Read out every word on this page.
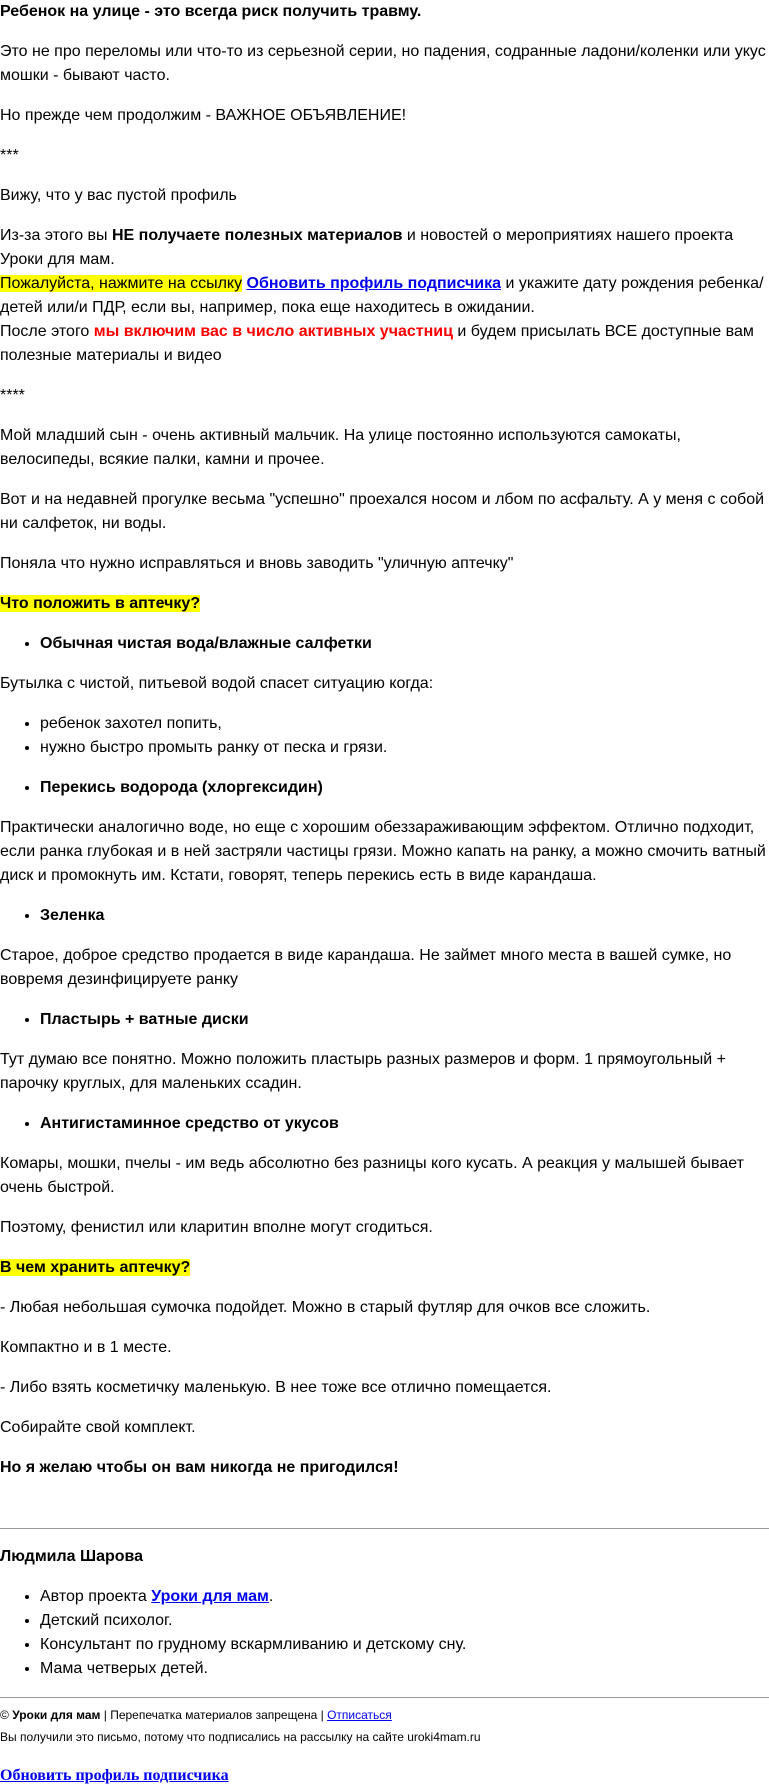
Ребенок на улице - это всегда риск получить травму.

Это не про переломы или что-то из серьезной серии, но падения, содранные ладони/коленки или укус мошки - бывают часто.

Но прежде чем продолжим - ВАЖНОЕ ОБЪЯВЛЕНИЕ!

***

Вижу, что у вас пустой профиль

Из-за этого вы НЕ получаете полезных материалов и новостей о мероприятиях нашего проекта Уроки для мам.
Пожалуйста, нажмите на ссылку Обновить профиль подписчика и укажите дату рождения ребенка/детей или/и ПДР, если вы, например, пока еще находитесь в ожидании.
После этого мы включим вас в число активных участниц и будем присылать ВСЕ доступные вам полезные материалы и видео

****

Мой младший сын - очень активный мальчик. На улице постоянно используются самокаты, велосипеды, всякие палки, камни и прочее.

Вот и на недавней прогулке весьма "успешно" проехался носом и лбом по асфальту. А у меня с собой ни салфеток, ни воды.

Поняла что нужно исправляться и вновь заводить "уличную аптечку"

Что положить в аптечку?

• Обычная чистая вода/влажные салфетки

Бутылка с чистой, питьевой водой спасет ситуацию когда:

• ребенок захотел попить,
• нужно быстро промыть ранку от песка и грязи.
• Перекись водорода (хлоргексидин)

Практически аналогично воде, но еще с хорошим обеззараживающим эффектом. Отлично подходит, если ранка глубокая и в ней застряли частицы грязи. Можно капать на ранку, а можно смочить ватный диск и промокнуть им. Кстати, говорят, теперь перекись есть в виде карандаша.

• Зеленка

Старое, доброе средство продается в виде карандаша. Не займет много места в вашей сумке, но вовремя дезинфицируете ранку

• Пластырь + ватные диски

Тут думаю все понятно. Можно положить пластырь разных размеров и форм. 1 прямоугольный + парочку круглых, для маленьких ссадин.

• Антигистаминное средство от укусов

Комары, мошки, пчелы - им ведь абсолютно без разницы кого кусать. А реакция у малышей бывает очень быстрой.

Поэтому, фенистил или кларитин вполне могут сгодиться.

В чем хранить аптечку?

- Любая небольшая сумочка подойдет. Можно в старый футляр для очков все сложить.

Компактно и в 1 месте.

- Либо взять косметичку маленькую. В нее тоже все отлично помещается.

Собирайте свой комплект.

Но я желаю чтобы он вам никогда не пригодился!

Людмила Шарова

• Автор проекта Уроки для мам.
• Детский психолог.
• Консультант по грудному вскармливанию и детскому сну.
• Мама четверых детей.

© Уроки для мам | Перепечатка материалов запрещена | Отписаться

Вы получили это письмо, потому что подписались на рассылку на сайте uroki4mam.ru

Обновить профиль подписчика
